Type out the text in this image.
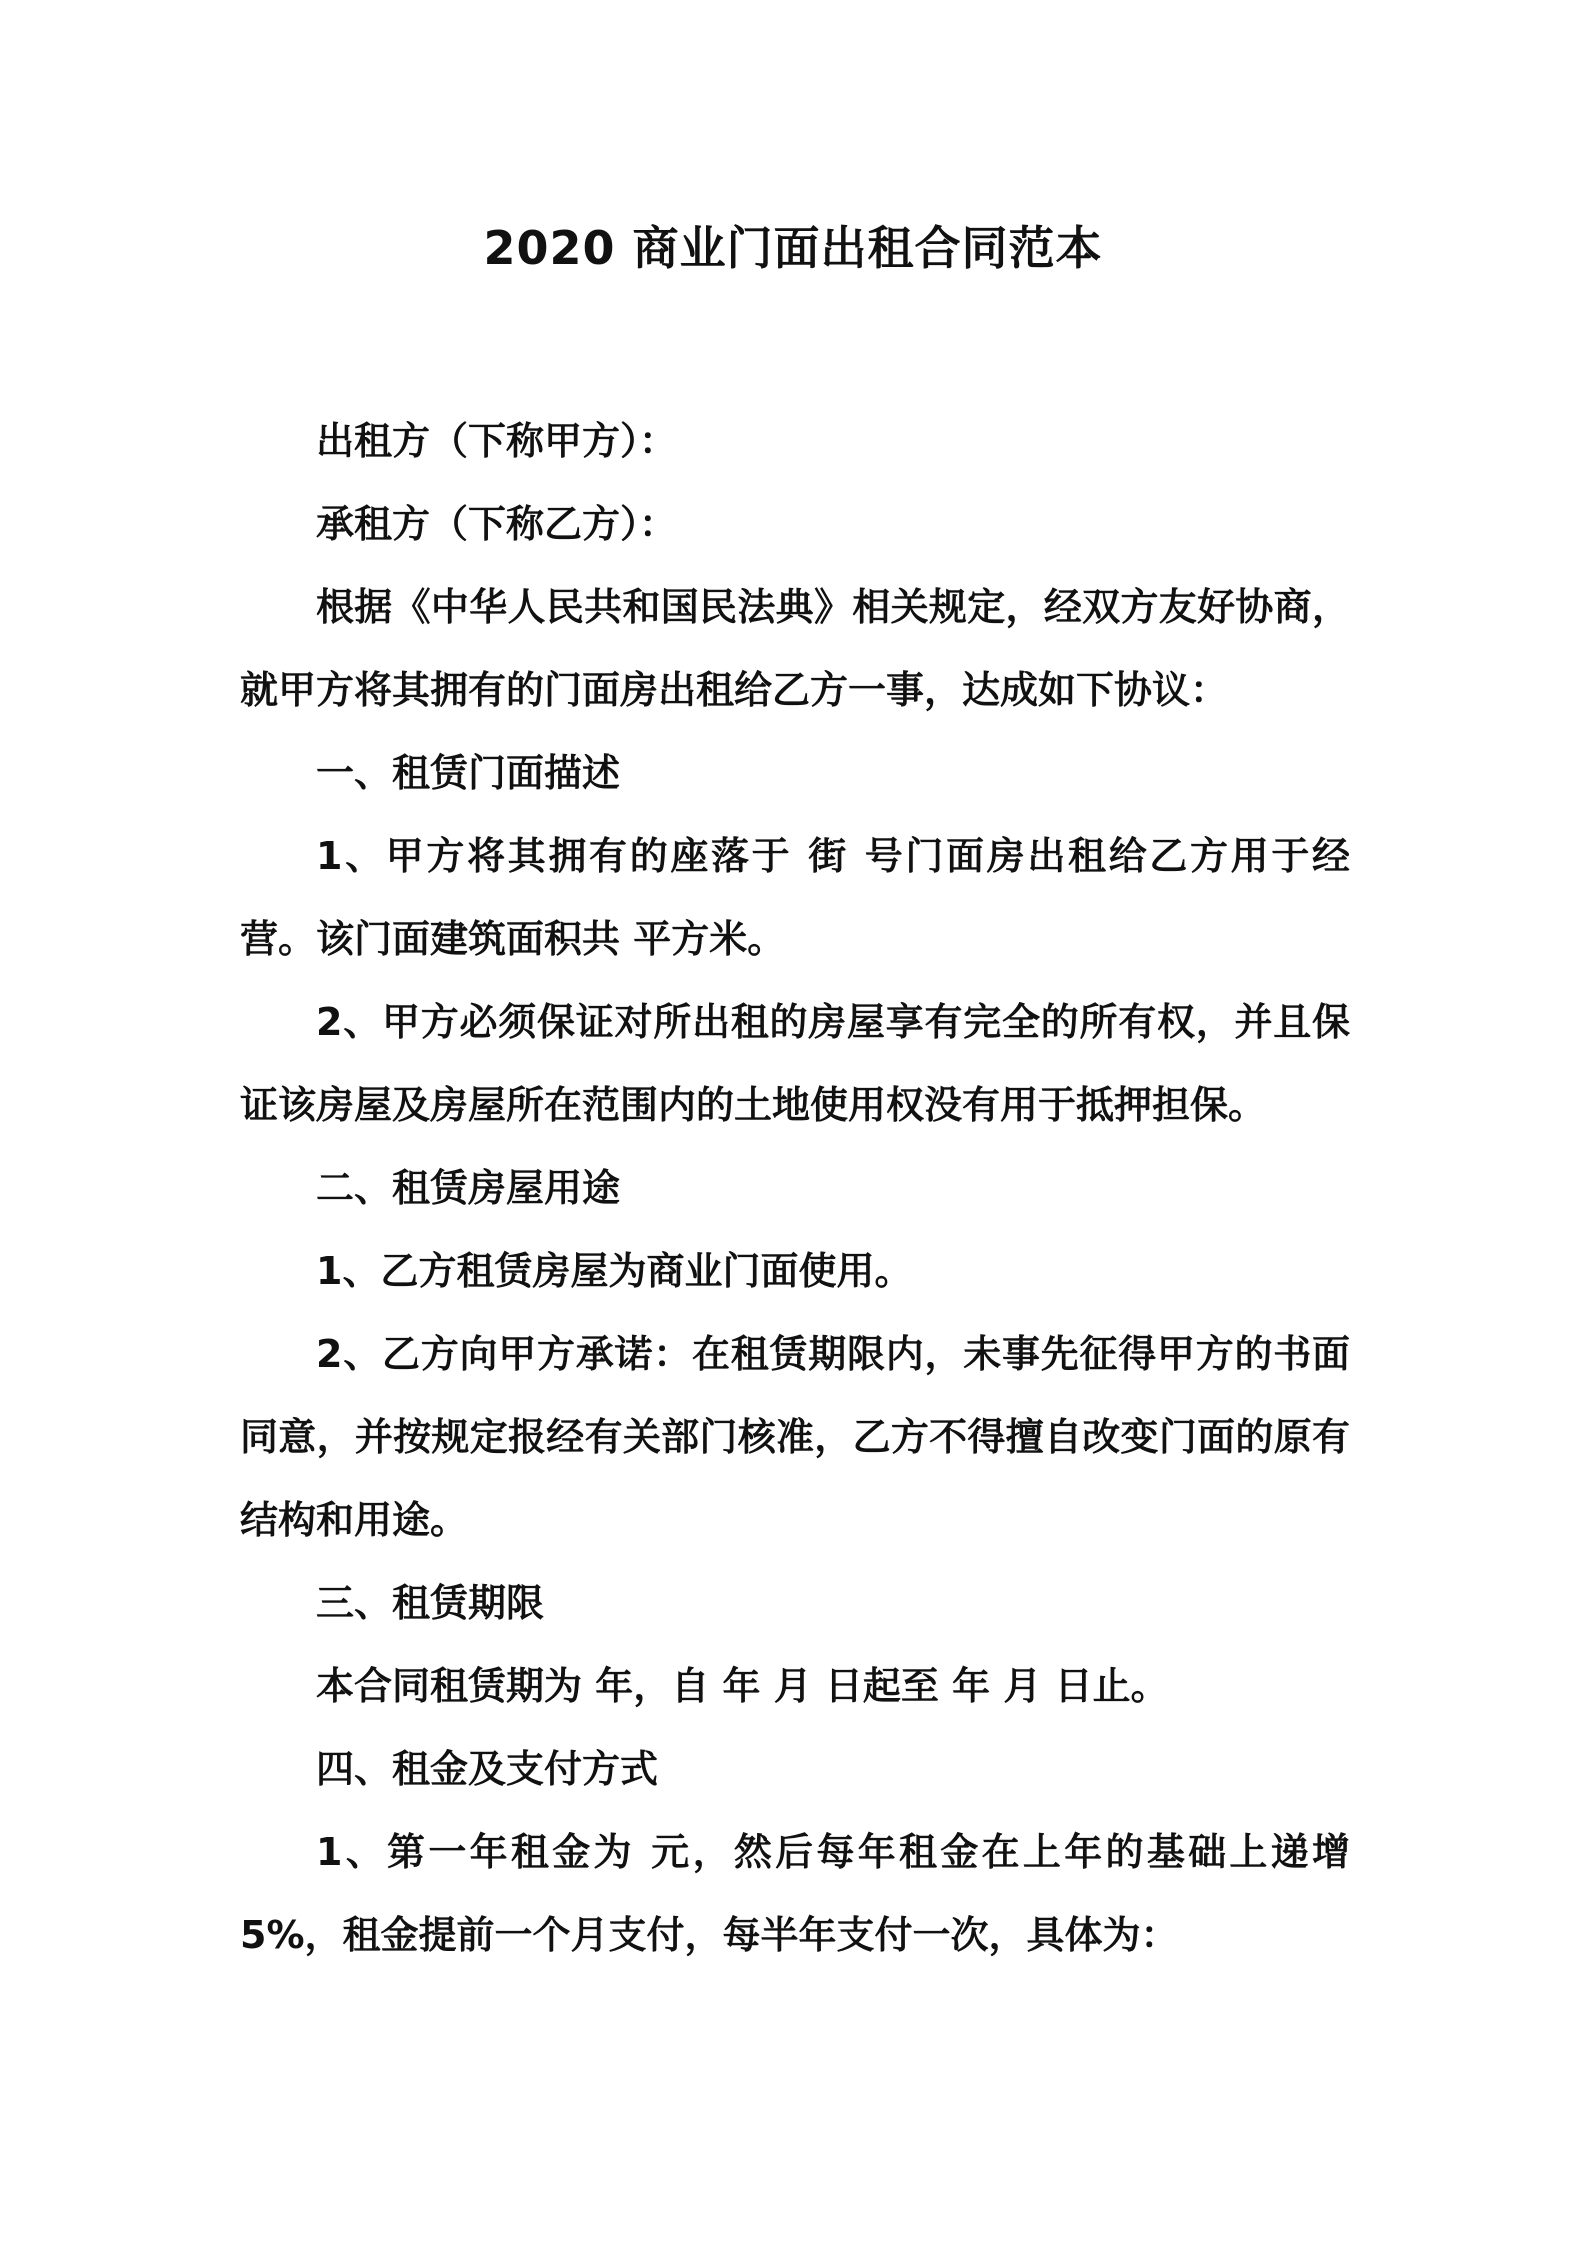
2020 商业门面出租合同范本

出租方（下称甲方）：

承租方（下称乙方）：

根据《中华人民共和国民法典》相关规定，经双方友好协商，就甲方将其拥有的门面房出租给乙方一事，达成如下协议：

一、租赁门面描述

1、甲方将其拥有的座落于 街 号门面房出租给乙方用于经营。该门面建筑面积共 平方米。

2、甲方必须保证对所出租的房屋享有完全的所有权，并且保证该房屋及房屋所在范围内的土地使用权没有用于抵押担保。

二、租赁房屋用途

1、乙方租赁房屋为商业门面使用。

2、乙方向甲方承诺：在租赁期限内，未事先征得甲方的书面同意，并按规定报经有关部门核准，乙方不得擅自改变门面的原有结构和用途。

三、租赁期限

本合同租赁期为 年，自 年 月 日起至 年 月 日止。

四、租金及支付方式

1、第一年租金为 元，然后每年租金在上年的基础上递增 5%，租金提前一个月支付，每半年支付一次，具体为：
